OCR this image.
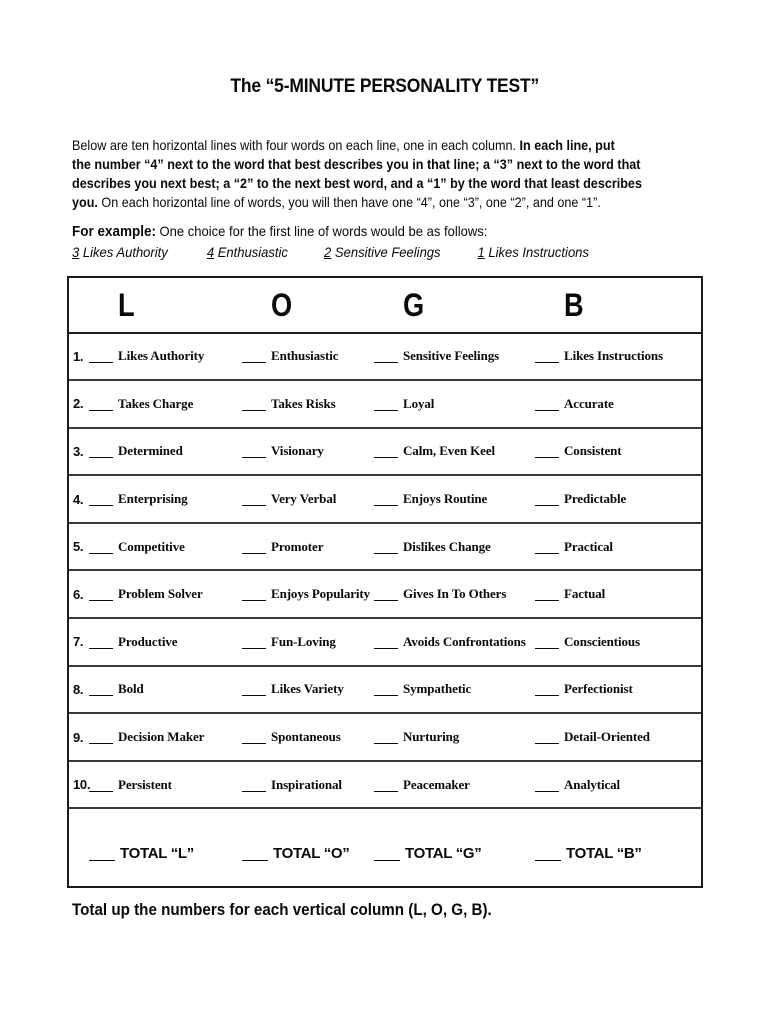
The “5-MINUTE PERSONALITY TEST”
Below are ten horizontal lines with four words on each line, one in each column. In each line, put
the number “4” next to the word that best describes you in that line; a “3” next to the word that
describes you next best; a “2” to the next best word, and a “1” by the word that least describes
you. On each horizontal line of words, you will then have one “4”, one “3”, one “2”, and one “1”.
For example: One choice for the first line of words would be as follows:
3 Likes Authority	4 Enthusiastic	2 Sensitive Feelings	1 Likes Instructions
L	O	G	B
1.	Likes Authority	Enthusiastic	Sensitive Feelings	Likes Instructions
2.	Takes Charge	Takes Risks	Loyal	Accurate
3.	Determined	Visionary	Calm, Even Keel	Consistent
4.	Enterprising	Very Verbal	Enjoys Routine	Predictable
5.	Competitive	Promoter	Dislikes Change	Practical
6.	Problem Solver	Enjoys Popularity	Gives In To Others	Factual
7.	Productive	Fun-Loving	Avoids Confrontations	Conscientious
8.	Bold	Likes Variety	Sympathetic	Perfectionist
9.	Decision Maker	Spontaneous	Nurturing	Detail-Oriented
10.	Persistent	Inspirational	Peacemaker	Analytical
TOTAL “L”	TOTAL “O”	TOTAL “G”	TOTAL “B”
Total up the numbers for each vertical column (L, O, G, B).
